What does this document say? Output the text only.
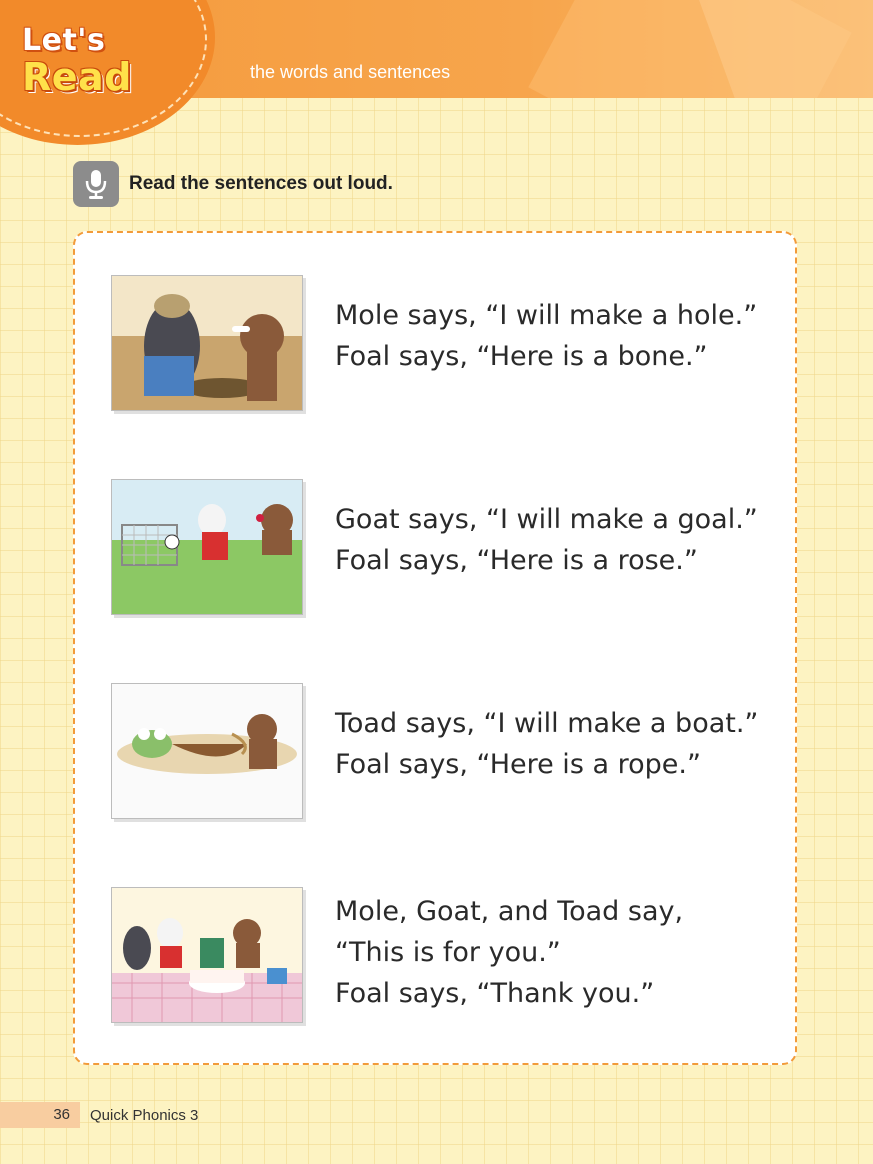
Let's
Read	the words and sentences
Read the sentences out loud.
Mole says, “I will make a hole.”
Foal says, “Here is a bone.”
Goat says, “I will make a goal.”
Foal says, “Here is a rose.”
Toad says, “I will make a boat.”
Foal says, “Here is a rope.”
Mole, Goat, and Toad say,
“This is for you.”
Foal says, “Thank you.”
36	Quick Phonics 3
